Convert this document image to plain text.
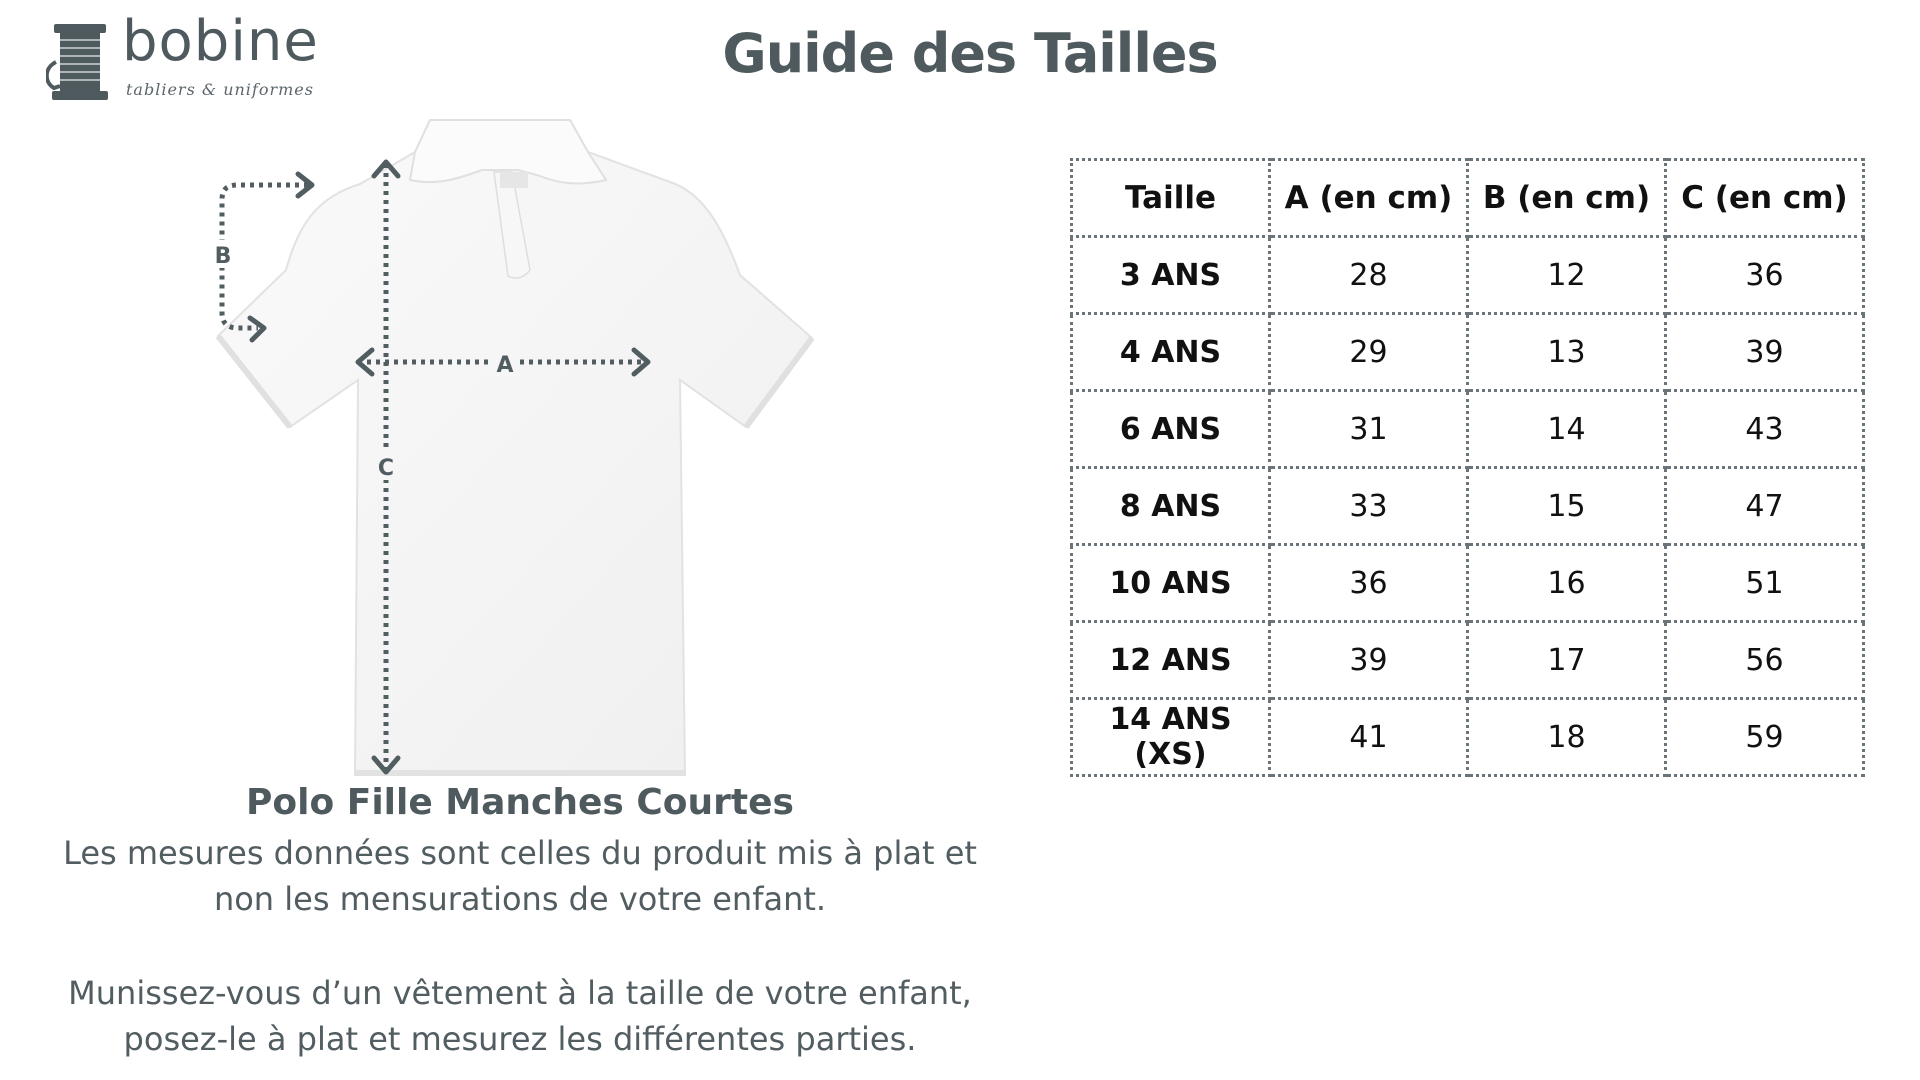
bobine
tabliers & uniformes
Guide des Tailles
A
B
C
Polo Fille Manches Courtes

Les mesures données sont celles du produit mis à plat et
non les mensurations de votre enfant.

Munissez-vous d’un vêtement à la taille de votre enfant,
posez-le à plat et mesurez les différentes parties.

Taille	A (en cm)	B (en cm)	C (en cm)
3 ANS	28	12	36
4 ANS	29	13	39
6 ANS	31	14	43
8 ANS	33	15	47
10 ANS	36	16	51
12 ANS	39	17	56
14 ANS (XS)	41	18	59
